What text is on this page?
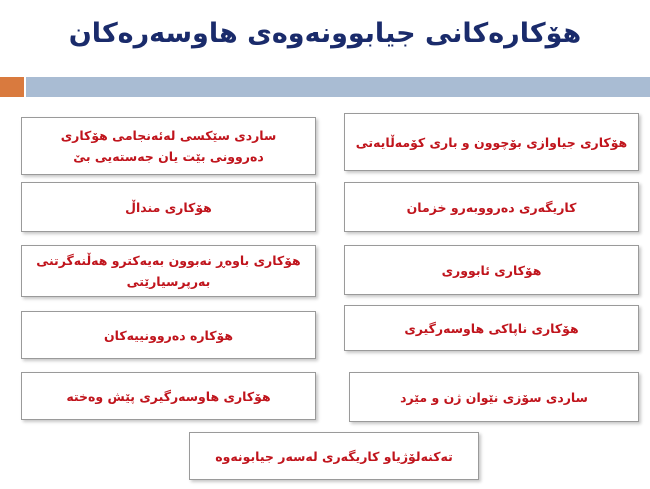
هۆکارەکانی جیابوونەوەی هاوسەرەکان
ساردی سێکسی لەئەنجامی هۆکاری دەروونی بێت یان جەستەیی بێ
هۆکاری منداڵ
هۆکاری باوەڕ نەبوون بەیەکترو هەڵنەگرتنی بەرپرسیارێتی
هۆکارە دەروونییەکان
هۆکاری هاوسەرگیری پێش وەختە
هۆکاری جیاوازی بۆچوون و باری کۆمەڵایەتی
کاریگەری دەرووبەرو خزمان
هۆکاری ئابووری
هۆکاری ناپاکی هاوسەرگیری
ساردی سۆزی نێوان ژن و مێرد
تەکنەلۆژیاو کاریگەری لەسەر جیابونەوە
